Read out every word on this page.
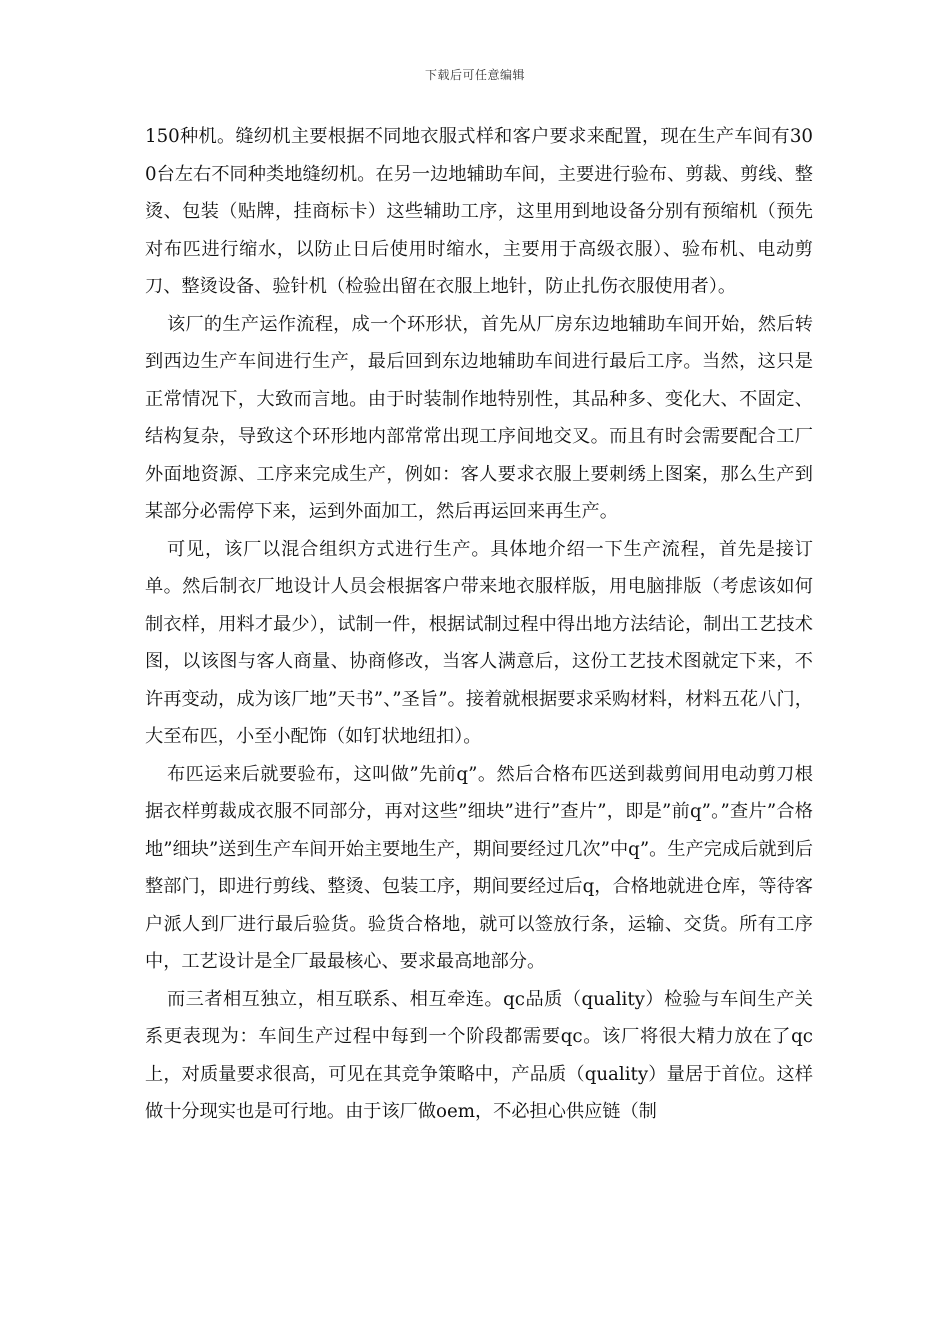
下载后可任意编辑

150种机。缝纫机主要根据不同地衣服式样和客户要求来配置，现在生产车间有300台左右不同种类地缝纫机。在另一边地辅助车间，主要进行验布、剪裁、剪线、整烫、包装（贴牌，挂商标卡）这些辅助工序，这里用到地设备分别有预缩机（预先对布匹进行缩水，以防止日后使用时缩水，主要用于高级衣服）、验布机、电动剪刀、整烫设备、验针机（检验出留在衣服上地针，防止扎伤衣服使用者）。

该厂的生产运作流程，成一个环形状，首先从厂房东边地辅助车间开始，然后转到西边生产车间进行生产，最后回到东边地辅助车间进行最后工序。当然，这只是正常情况下，大致而言地。由于时装制作地特别性，其品种多、变化大、不固定、结构复杂，导致这个环形地内部常常出现工序间地交叉。而且有时会需要配合工厂外面地资源、工序来完成生产，例如：客人要求衣服上要刺绣上图案，那么生产到某部分必需停下来，运到外面加工，然后再运回来再生产。

可见，该厂以混合组织方式进行生产。具体地介绍一下生产流程，首先是接订单。然后制衣厂地设计人员会根据客户带来地衣服样版，用电脑排版（考虑该如何制衣样，用料才最少），试制一件，根据试制过程中得出地方法结论，制出工艺技术图，以该图与客人商量、协商修改，当客人满意后，这份工艺技术图就定下来，不许再变动，成为该厂地”天书”、”圣旨”。接着就根据要求采购材料，材料五花八门，大至布匹，小至小配饰（如钉状地纽扣）。

布匹运来后就要验布，这叫做”先前q”。然后合格布匹送到裁剪间用电动剪刀根据衣样剪裁成衣服不同部分，再对这些”细块”进行”查片”，即是”前q”。”查片”合格地”细块”送到生产车间开始主要地生产，期间要经过几次”中q”。生产完成后就到后整部门，即进行剪线、整烫、包装工序，期间要经过后q，合格地就进仓库，等待客户派人到厂进行最后验货。验货合格地，就可以签放行条，运输、交货。所有工序中，工艺设计是全厂最最核心、要求最高地部分。

而三者相互独立，相互联系、相互牵连。qc品质（quality）检验与车间生产关系更表现为：车间生产过程中每到一个阶段都需要qc。该厂将很大精力放在了qc上，对质量要求很高，可见在其竞争策略中，产品质（quality）量居于首位。这样做十分现实也是可行地。由于该厂做oem，不必担心供应链（制
